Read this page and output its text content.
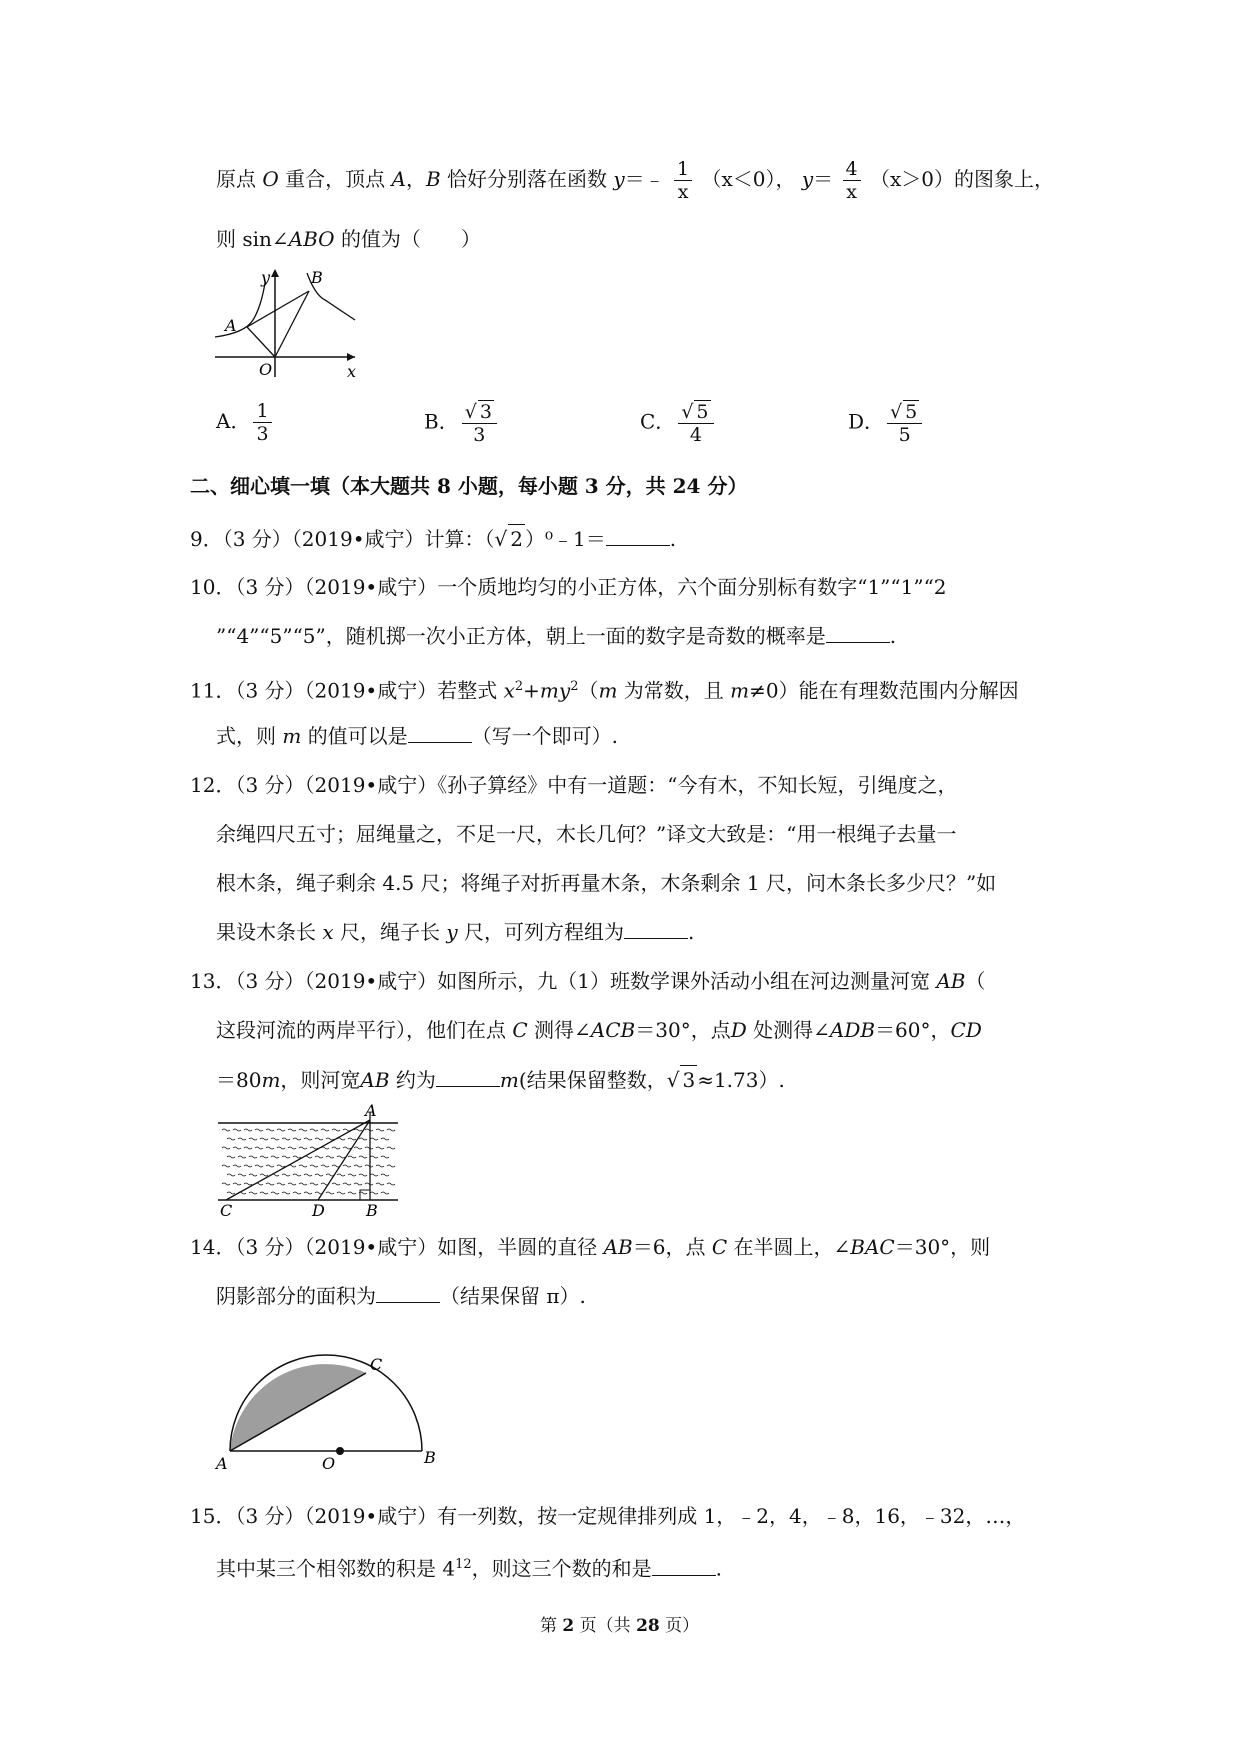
原点 O 重合，顶点 A，B 恰好分别落在函数 y＝﹣ $\frac{1}{x} (x<0)$， $y= \frac{4}{x} (x>0)$的图象上，
则 sin∠ABO 的值为（　　）
y	B
A
O	x
A． $\frac{1}{3}$	B． $\frac{√ 3}{3}$	C． $\frac{√ 5}{4}$	D． $\frac{√ 5}{5}$
二、细心填一填（本大题共 8 小题，每小题 3 分，共 24 分）
9．（3 分）（2019•咸宁）计算：（√ 2 ）⁰﹣1＝	.
10．（3 分）（2019•咸宁）一个质地均匀的小正方体，六个面分别标有数字“1”“1”“2
”“4”“5”“5”，随机掷一次小正方体，朝上一面的数字是奇数的概率是	.
11．（3 分）（2019•咸宁）若整式 $x^2+my^2(m$ 为常数，且 m≠0）能在有理数范围内分解因
式，则 m 的值可以是	（写一个即可）.
12．（3 分）（2019•咸宁）《孙子算经》中有一道题：“今有木，不知长短，引绳度之，
余绳四尺五寸；屈绳量之，不足一尺，木长几何？”译文大致是：“用一根绳子去量一
根木条，绳子剩余 4.5 尺；将绳子对折再量木条，木条剩余 1 尺，问木条长多少尺？”如
果设木条长 x 尺，绳子长 y 尺，可列方程组为	.
13．（3 分）（2019•咸宁）如图所示，九（1）班数学课外活动小组在河边测量河宽 AB（
这段河流的两岸平行），他们在点 C 测得∠ACB＝30°，点D 处测得∠ADB＝60°，CD
＝80m，则河宽AB 约为	m(结果保留整数，√ 3 ≈1.73）.
A
C	D	B
14．（3 分）（2019•咸宁）如图，半圆的直径 AB＝6，点 C 在半圆上，∠BAC＝30°，则
阴影部分的面积为	（结果保留 π）.
C
A	O	B
15．（3 分）（2019•咸宁）有一列数，按一定规律排列成 1，﹣2，4，﹣8，16，﹣32，…，
其中某三个相邻数的积是 $4^{12}$，则这三个数的和是	.
第 2 页（共 28 页）
